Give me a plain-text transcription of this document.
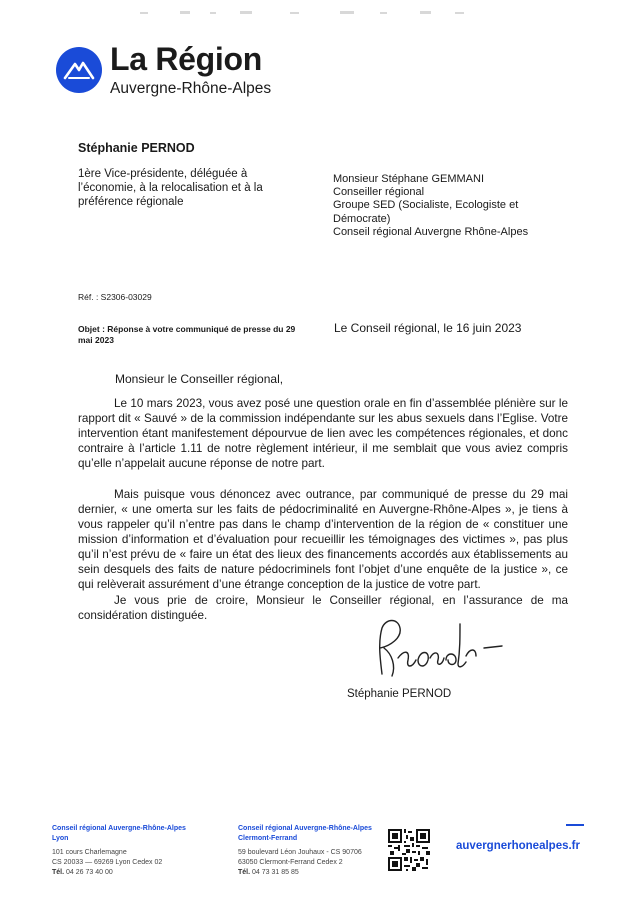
La Région
Auvergne-Rhône-Alpes
Stéphanie PERNOD
1ère Vice-présidente, déléguée à l’économie, à la relocalisation et à la préférence régionale
Monsieur Stéphane GEMMANI
Conseiller régional
Groupe SED (Socialiste, Ecologiste et
Démocrate)
Conseil régional Auvergne Rhône-Alpes
Réf. : S2306-03029
Objet : Réponse à votre communiqué de presse du 29 mai 2023
Le Conseil régional, le 16 juin 2023
Monsieur le Conseiller régional,
Le 10 mars 2023, vous avez posé une question orale en fin d’assemblée plénière sur le rapport dit « Sauvé » de la commission indépendante sur les abus sexuels dans l’Eglise. Votre intervention étant manifestement dépourvue de lien avec les compétences régionales, et donc contraire à l’article 1.11 de notre règlement intérieur, il me semblait que vous aviez compris qu’elle n’appelait aucune réponse de notre part.
Mais puisque vous dénoncez avec outrance, par communiqué de presse du 29 mai dernier, « une omerta sur les faits de pédocriminalité en Auvergne-Rhône-Alpes », je tiens à vous rappeler qu’il n’entre pas dans le champ d’intervention de la région de « constituer une mission d’information et d’évaluation pour recueillir les témoignages des victimes », pas plus qu’il n’est prévu de « faire un état des lieux des financements accordés aux établissements au sein desquels des faits de nature pédocriminels font l’objet d’une enquête de la justice », ce qui relèverait assurément d’une étrange conception de la justice de votre part.
Je vous prie de croire, Monsieur le Conseiller régional, en l’assurance de ma considération distinguée.
Stéphanie PERNOD
Conseil régional Auvergne-Rhône-Alpes
Lyon
101 cours Charlemagne
CS 20033 — 69269 Lyon Cedex 02
Tél. 04 26 73 40 00
Conseil régional Auvergne-Rhône-Alpes
Clermont-Ferrand
59 boulevard Léon Jouhaux - CS 90706
63050 Clermont-Ferrand Cedex 2
Tél. 04 73 31 85 85
auvergnerhonealpes.fr
